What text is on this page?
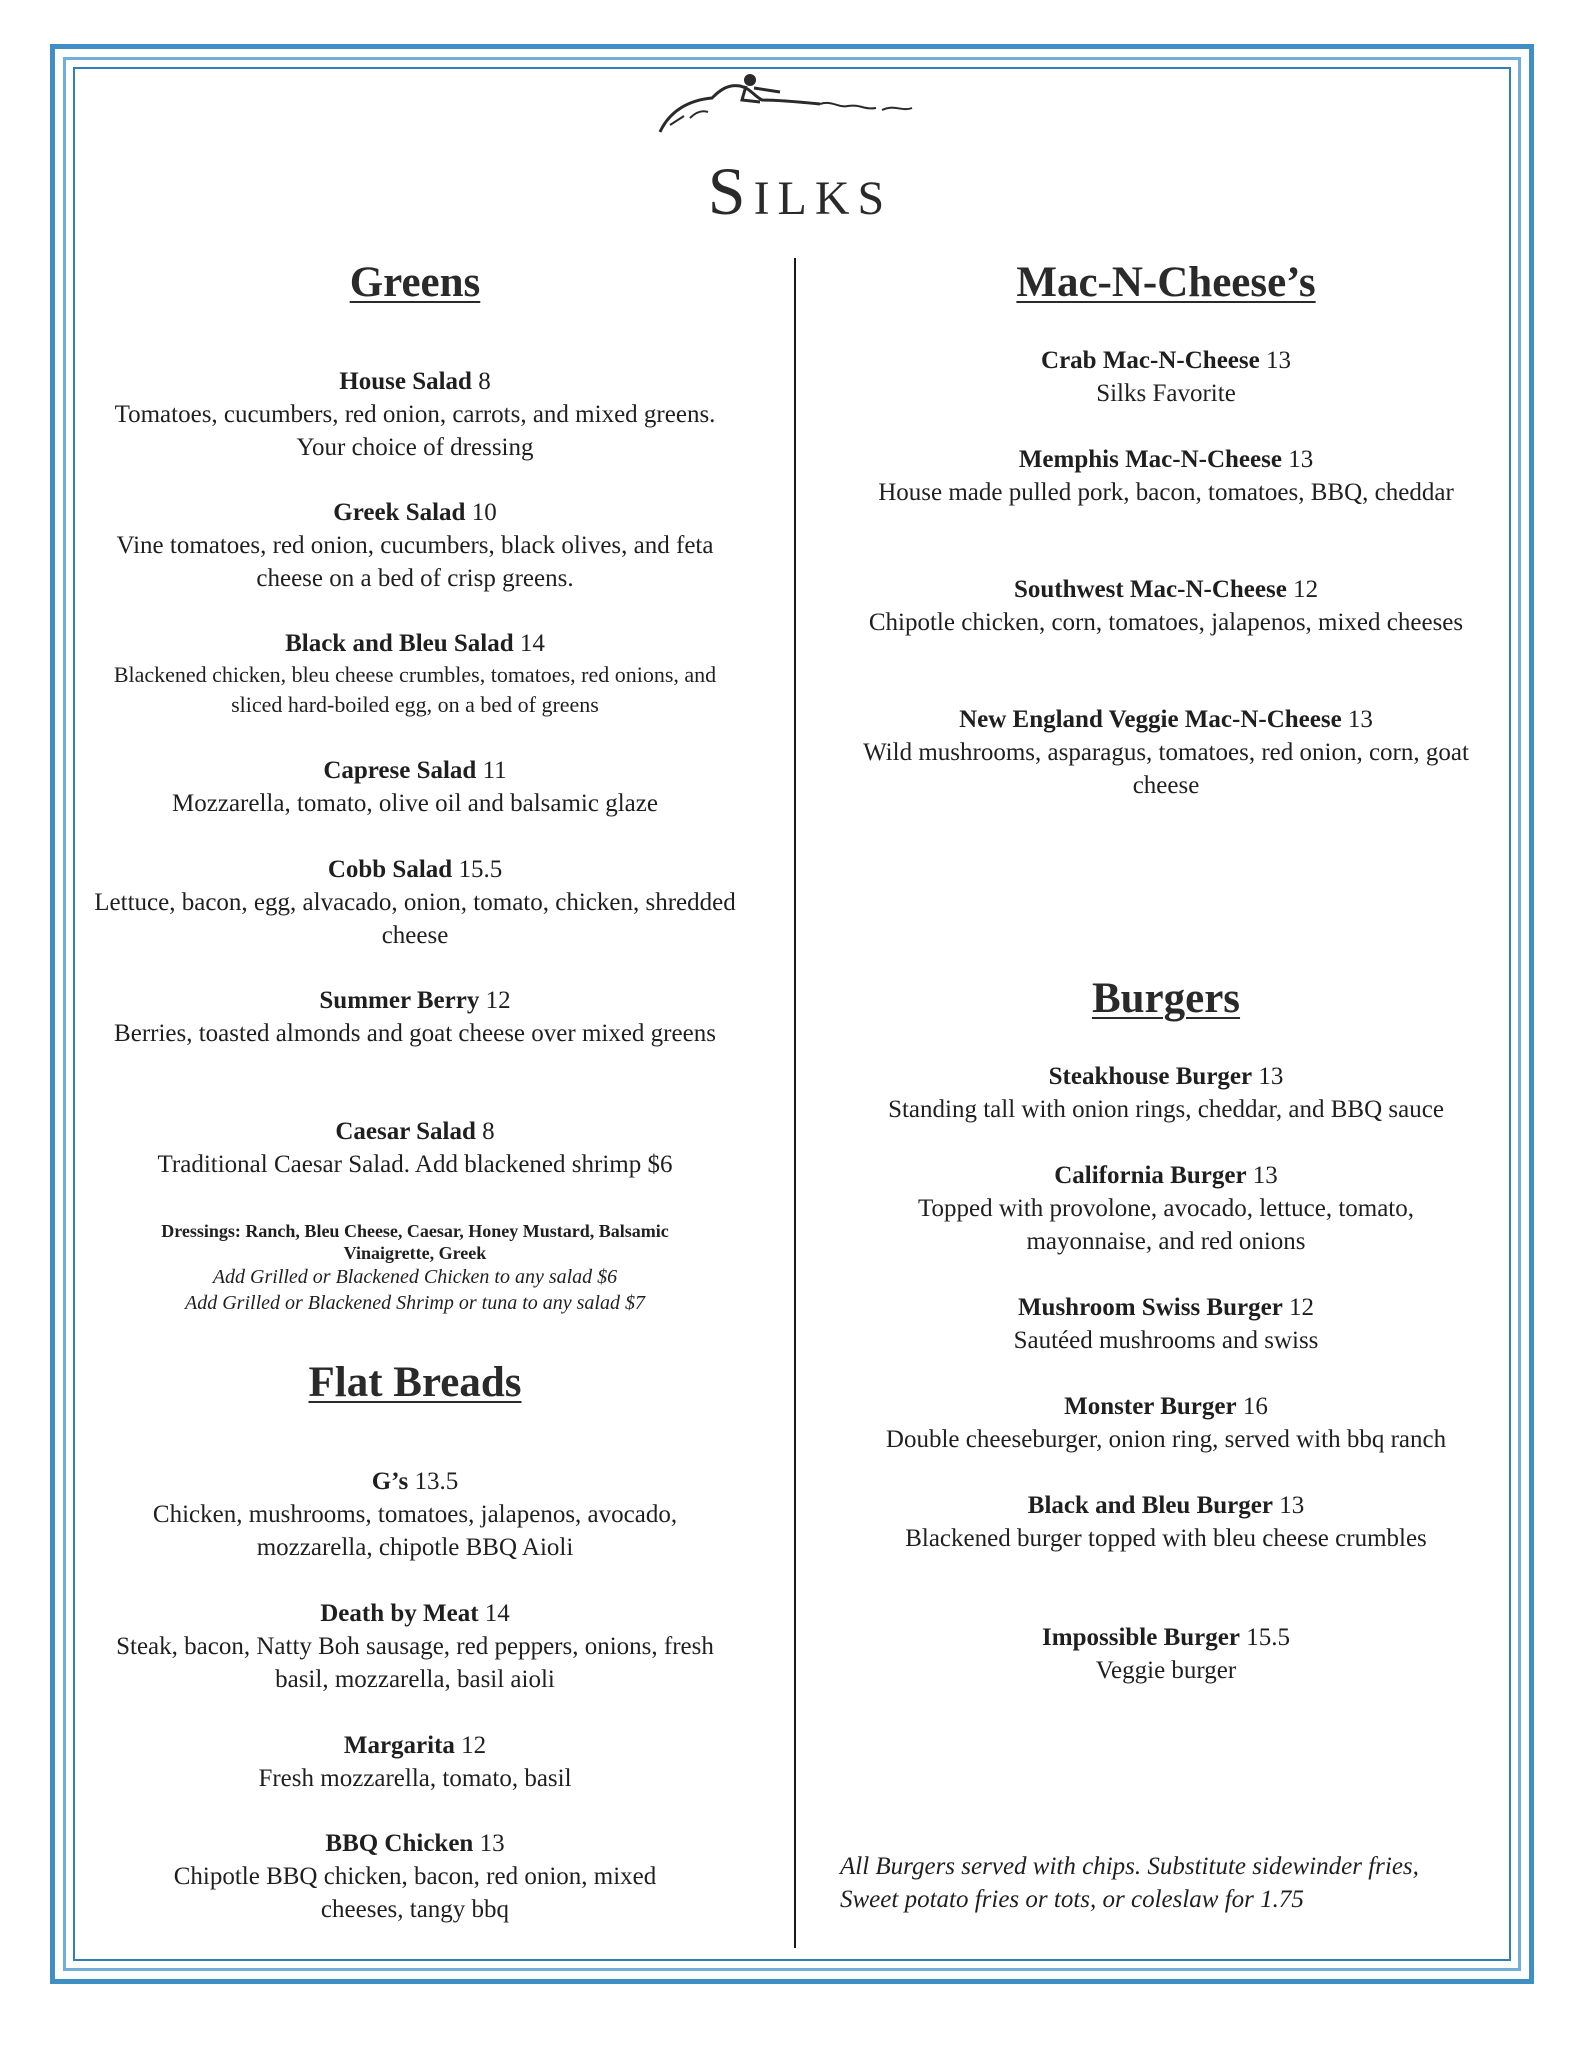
Silks
Greens
House Salad 8
Tomatoes, cucumbers, red onion, carrots, and mixed greens. Your choice of dressing
Greek Salad 10
Vine tomatoes, red onion, cucumbers, black olives, and feta cheese on a bed of crisp greens.
Black and Bleu Salad 14
Blackened chicken, bleu cheese crumbles, tomatoes, red onions, and sliced hard-boiled egg, on a bed of greens
Caprese Salad 11
Mozzarella, tomato, olive oil and balsamic glaze
Cobb Salad 15.5
Lettuce, bacon, egg, alvacado, onion, tomato, chicken, shredded cheese
Summer Berry 12
Berries, toasted almonds and goat cheese over mixed greens
Caesar Salad 8
Traditional Caesar Salad. Add blackened shrimp $6
Dressings: Ranch, Bleu Cheese, Caesar, Honey Mustard, Balsamic Vinaigrette, Greek
Add Grilled or Blackened Chicken to any salad $6
Add Grilled or Blackened Shrimp or tuna to any salad $7
Flat Breads
G’s 13.5
Chicken, mushrooms, tomatoes, jalapenos, avocado, mozzarella, chipotle BBQ Aioli
Death by Meat 14
Steak, bacon, Natty Boh sausage, red peppers, onions, fresh basil, mozzarella, basil aioli
Margarita 12
Fresh mozzarella, tomato, basil
BBQ Chicken 13
Chipotle BBQ chicken, bacon, red onion, mixed cheeses, tangy bbq
Mac-N-Cheese’s
Crab Mac-N-Cheese 13
Silks Favorite
Memphis Mac-N-Cheese 13
House made pulled pork, bacon, tomatoes, BBQ, cheddar
Southwest Mac-N-Cheese 12
Chipotle chicken, corn, tomatoes, jalapenos, mixed cheeses
New England Veggie Mac-N-Cheese 13
Wild mushrooms, asparagus, tomatoes, red onion, corn, goat cheese
Burgers
Steakhouse Burger 13
Standing tall with onion rings, cheddar, and BBQ sauce
California Burger 13
Topped with provolone, avocado, lettuce, tomato, mayonnaise, and red onions
Mushroom Swiss Burger 12
Sautéed mushrooms and swiss
Monster Burger 16
Double cheeseburger, onion ring, served with bbq ranch
Black and Bleu Burger 13
Blackened burger topped with bleu cheese crumbles
Impossible Burger 15.5
Veggie burger
All Burgers served with chips. Substitute sidewinder fries, Sweet potato fries or tots, or coleslaw for 1.75
